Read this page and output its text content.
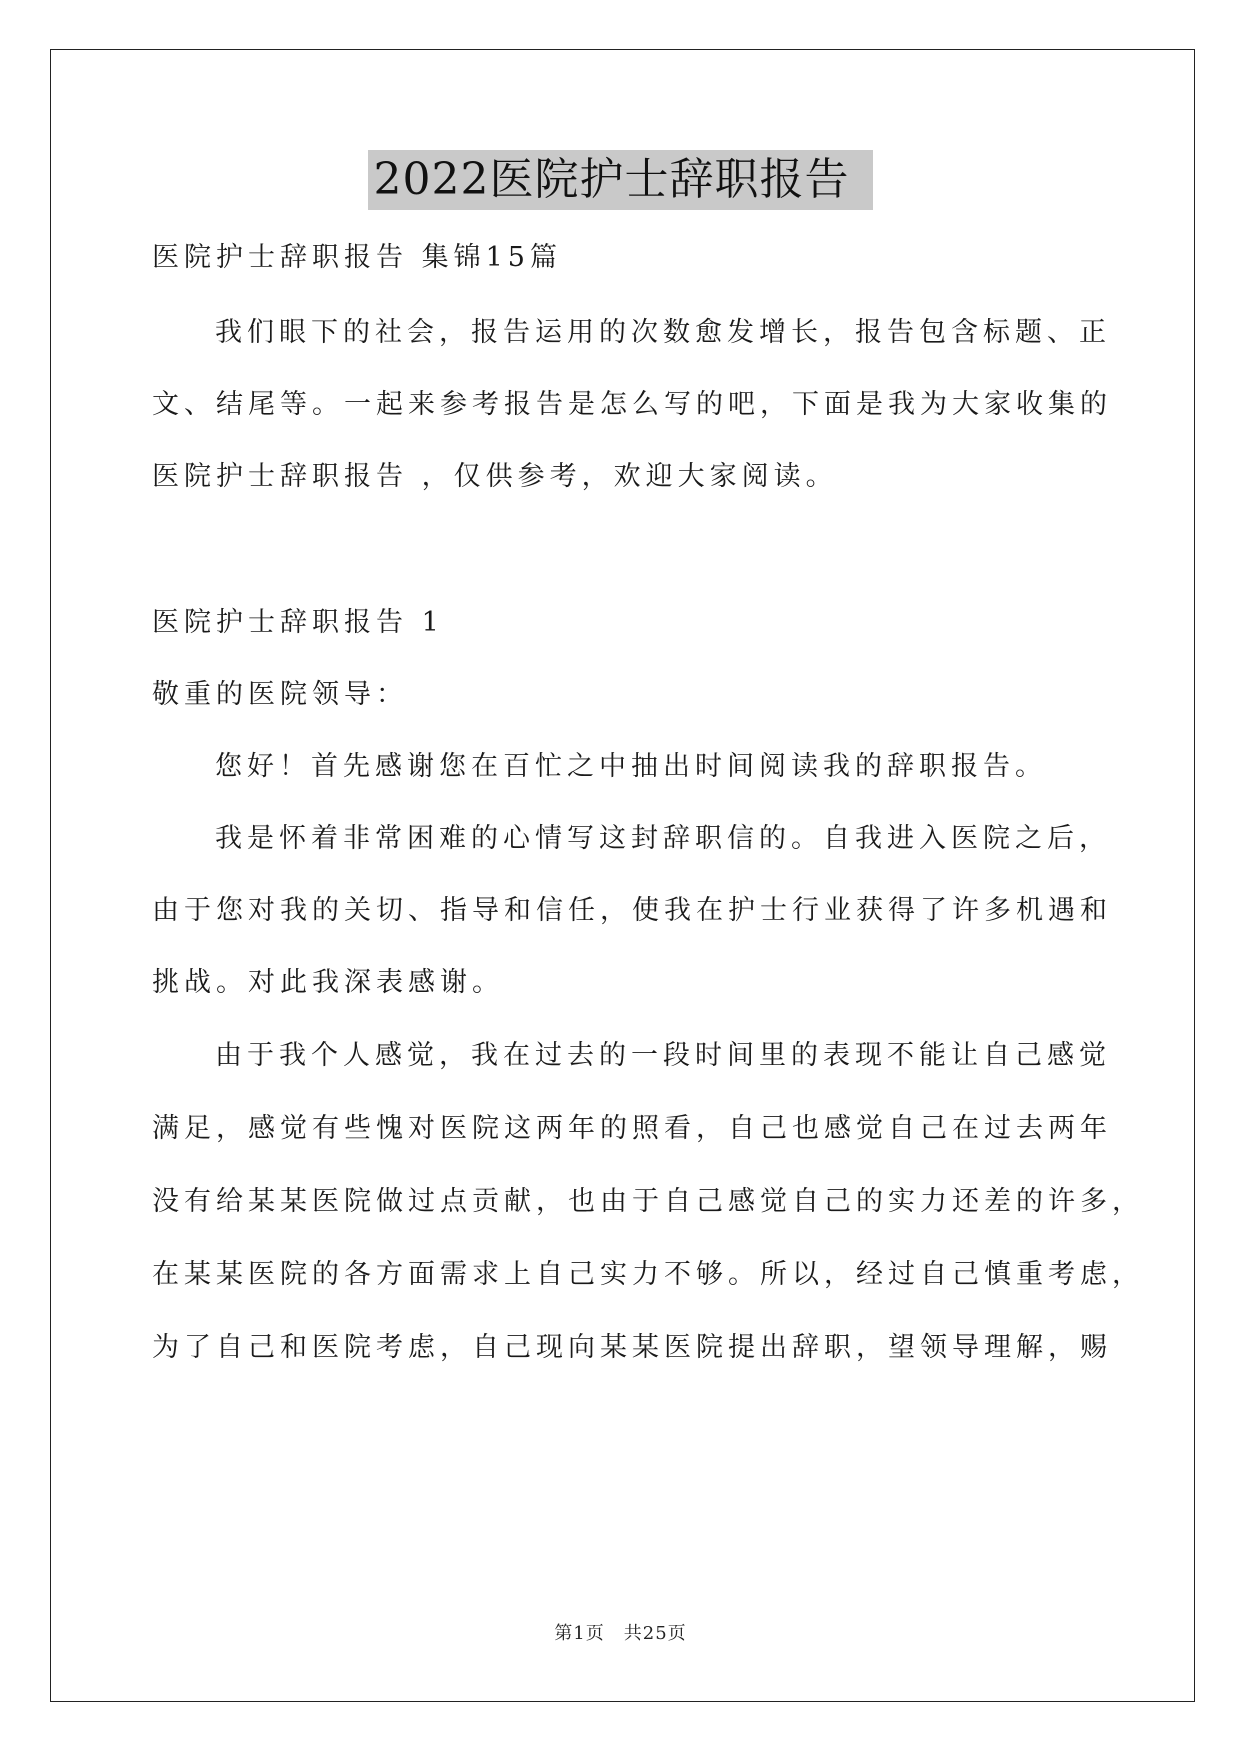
2022医院护士辞职报告
医院护士辞职报告 集锦15篇
我们眼下的社会，报告运用的次数愈发增长，报告包含标题、正
文、结尾等。一起来参考报告是怎么写的吧，下面是我为大家收集的
医院护士辞职报告 ，仅供参考，欢迎大家阅读。
医院护士辞职报告 1
敬重的医院领导：
您好！首先感谢您在百忙之中抽出时间阅读我的辞职报告。
我是怀着非常困难的心情写这封辞职信的。自我进入医院之后，
由于您对我的关切、指导和信任，使我在护士行业获得了许多机遇和
挑战。对此我深表感谢。
由于我个人感觉，我在过去的一段时间里的表现不能让自己感觉
满足，感觉有些愧对医院这两年的照看，自己也感觉自己在过去两年
没有给某某医院做过点贡献，也由于自己感觉自己的实力还差的许多，
在某某医院的各方面需求上自己实力不够。所以，经过自己慎重考虑，
为了自己和医院考虑，自己现向某某医院提出辞职，望领导理解，赐
第1页　共25页
